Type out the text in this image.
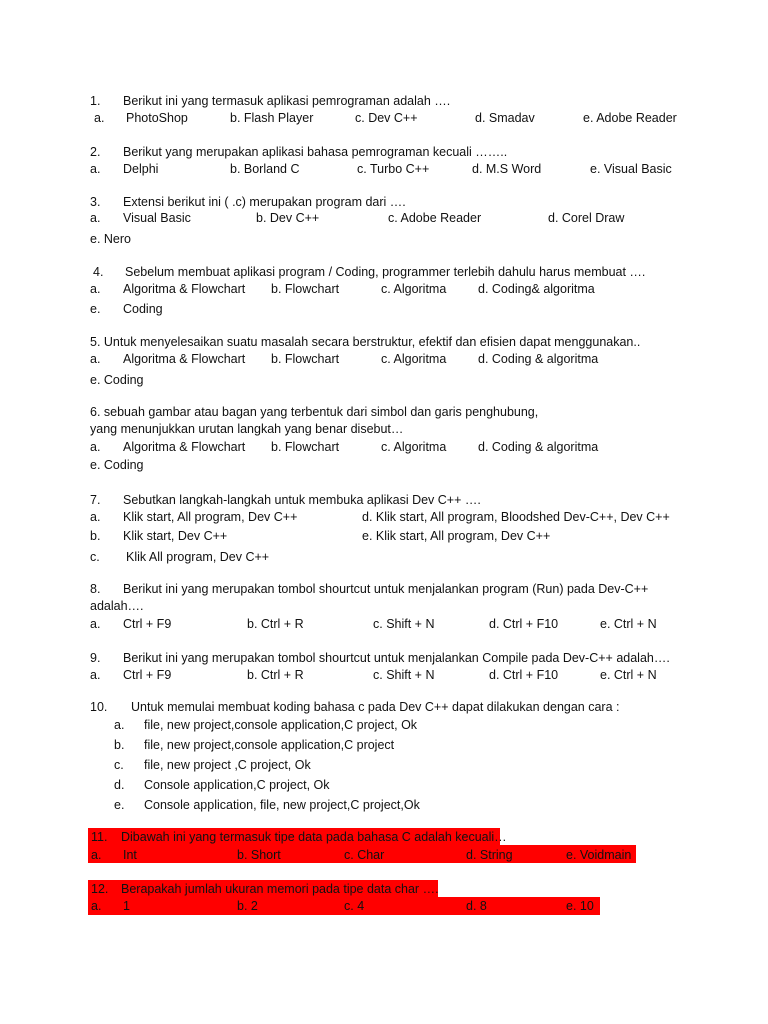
1. Berikut ini yang termasuk aplikasi pemrograman adalah ….
a. PhotoShop	b. Flash Player	c. Dev C++	d. Smadav	e. Adobe Reader
2. Berikut yang merupakan aplikasi bahasa pemrograman kecuali ……..
a. Delphi	b. Borland C	c. Turbo C++	d. M.S Word	e. Visual Basic
3. Extensi berikut ini ( .c) merupakan program dari ….
a. Visual Basic	b. Dev C++	c. Adobe Reader	d. Corel Draw
e. Nero
4. Sebelum membuat aplikasi program / Coding, programmer terlebih dahulu harus membuat ….
a. Algoritma & Flowchart b. Flowchart	c. Algoritma	d. Coding& algoritma
e. Coding
5. Untuk menyelesaikan suatu masalah secara berstruktur, efektif dan efisien dapat menggunakan..
a. Algoritma & Flowchart b. Flowchart	c. Algoritma	d. Coding & algoritma
e. Coding
6. sebuah gambar atau bagan yang terbentuk dari simbol dan garis penghubung,
yang menunjukkan urutan langkah yang benar disebut…
a. Algoritma & Flowchart b. Flowchart	c. Algoritma	d. Coding & algoritma
e. Coding
7. Sebutkan langkah-langkah untuk membuka aplikasi Dev C++ ….
a. Klik start, All program, Dev C++	d. Klik start, All program, Bloodshed Dev-C++, Dev C++
b. Klik start, Dev C++	e. Klik start, All program, Dev C++
c. Klik All program, Dev C++
8. Berikut ini yang merupakan tombol shourtcut untuk menjalankan program (Run) pada Dev-C++
adalah….
a. Ctrl + F9	b. Ctrl + R	c. Shift + N	d. Ctrl + F10	e. Ctrl + N
9. Berikut ini yang merupakan tombol shourtcut untuk menjalankan Compile pada Dev-C++ adalah….
a. Ctrl + F9	b. Ctrl + R	c. Shift + N	d. Ctrl + F10	e. Ctrl + N
10. Untuk memulai membuat koding bahasa c pada Dev C++ dapat dilakukan dengan cara :
a. file, new project,console application,C project, Ok
b. file, new project,console application,C project
c. file, new project ,C project, Ok
d. Console application,C project, Ok
e. Console application, file, new project,C project,Ok
11. Dibawah ini yang termasuk tipe data pada bahasa C adalah kecuali…
a. Int	b. Short	c. Char	d. String	e. Voidmain
12. Berapakah jumlah ukuran memori pada tipe data char ….
a. 1	b. 2	c. 4	d. 8	e. 10
